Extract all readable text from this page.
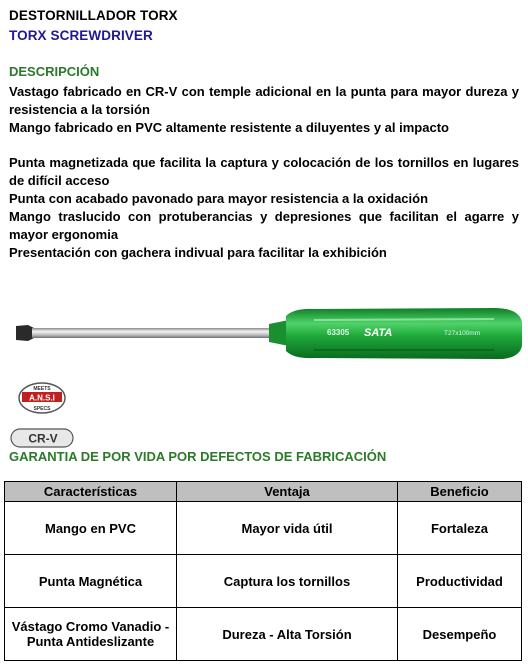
DESTORNILLADOR TORX
TORX SCREWDRIVER
DESCRIPCIÓN

Vastago fabricado en CR-V con temple adicional en la punta para mayor dureza y resistencia a la torsión

Mango fabricado en PVC altamente resistente a diluyentes y al impacto

Punta magnetizada que facilita la captura y colocación de los tornillos en lugares de difícil acceso

Punta con acabado pavonado para mayor resistencia a la oxidación

Mango traslucido con protuberancias y depresiones que facilitan el agarre y mayor ergonomia

Presentación con gachera indivual para facilitar la exhibición

63305 SATA	T27x100mm
MEETS
A.N.S.I
SPECS
CR-V
GARANTIA DE POR VIDA POR DEFECTOS DE FABRICACIÓN
Características	Ventaja	Beneficio
Mango en PVC	Mayor vida útil	Fortaleza
Punta Magnética	Captura los tornillos	Productividad
Vástago Cromo Vanadio - Punta Antideslizante	Dureza - Alta Torsión	Desempeño
